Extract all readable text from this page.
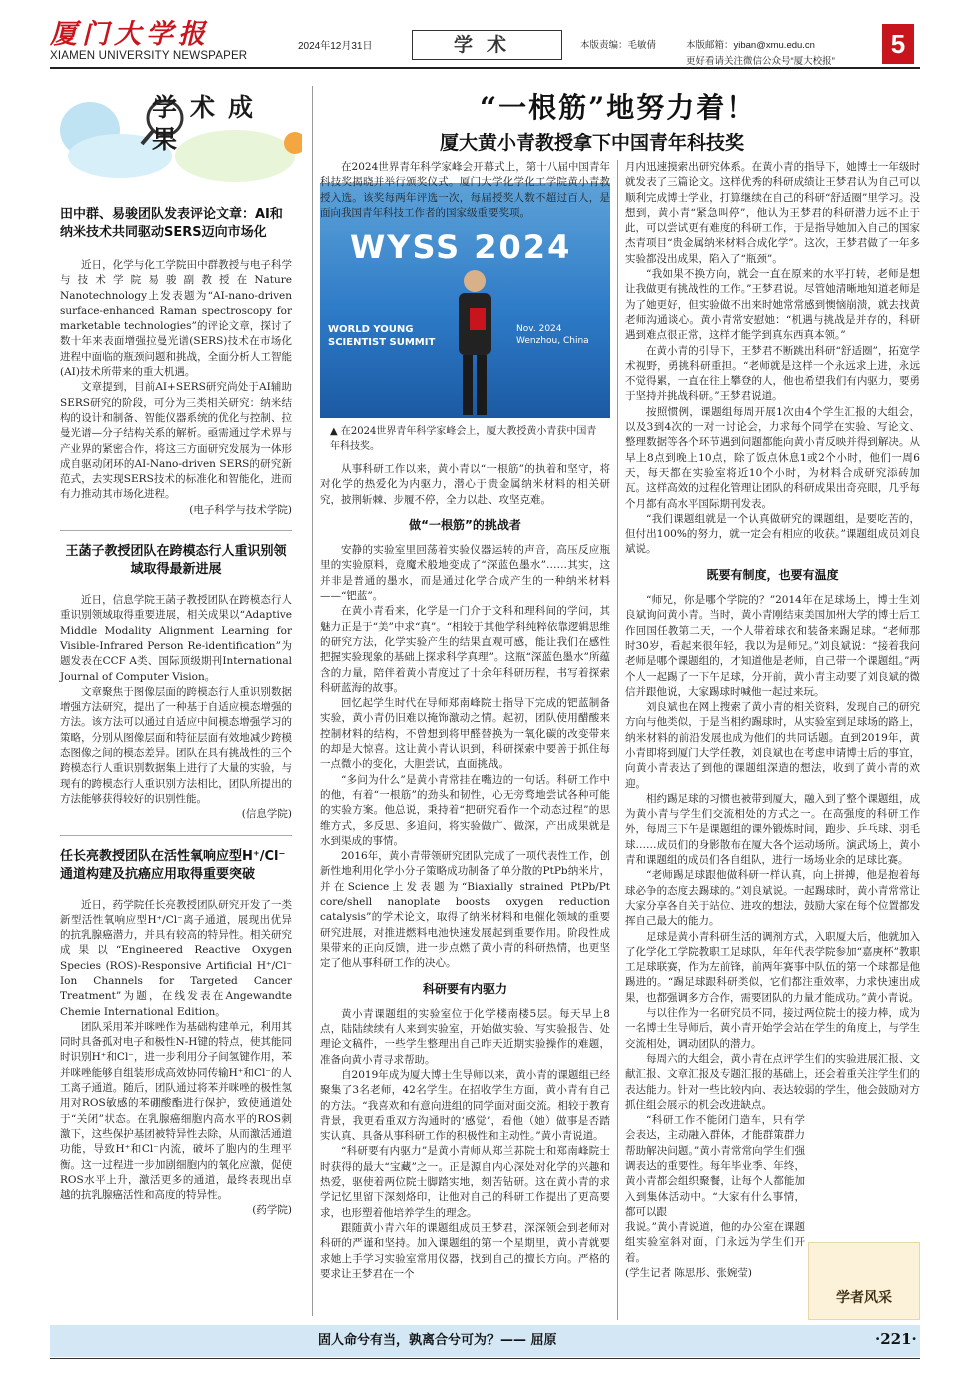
厦门大学报
XIAMEN UNIVERSITY NEWSPAPER
2024年12月31日	学术	本版责编：毛敏倩	本版邮箱：yiban@xmu.edu.cn
更好看请关注微信公众号“厦大校报”
5
学术成果
田中群、易骏团队发表评论文章：AI和纳米技术共同驱动SERS迈向市场化

近日，化学与化工学院田中群教授与电子科学与技术学院易骏副教授在Nature Nanotechnology上发表题为“AI-nano-driven surface-enhanced Raman spectroscopy for marketable technologies”的评论文章，探讨了数十年来表面增强拉曼光谱(SERS)技术在市场化进程中面临的瓶颈问题和挑战，全面分析人工智能(AI)技术所带来的重大机遇。

文章提到，目前AI+SERS研究尚处于AI辅助SERS研究的阶段，可分为三类相关研究：纳米结构的设计和制备、智能仪器系统的优化与控制、拉曼光谱—分子结构关系的解析。亟需通过学术界与产业界的紧密合作，将这三方面研究发展为一体形成自驱动闭环的AI-Nano-driven SERS的研究新范式，去实现SERS技术的标准化和智能化，进而有力推动其市场化进程。

(电子科学与技术学院)

王菡子教授团队在跨模态行人重识别领域取得最新进展

近日，信息学院王菡子教授团队在跨模态行人重识别领域取得重要进展，相关成果以“Adaptive Middle Modality Alignment Learning for Visible-Infrared Person Re-identification”为题发表在CCF A类、国际顶级期刊International Journal of Computer Vision。

文章聚焦于图像层面的跨模态行人重识别数据增强方法研究，提出了一种基于自适应模态增强的方法。该方法可以通过自适应中间模态增强学习的策略，分别从图像层面和特征层面有效地减少跨模态图像之间的模态差异。团队在具有挑战性的三个跨模态行人重识别数据集上进行了大量的实验，与现有的跨模态行人重识别方法相比，团队所提出的方法能够获得较好的识别性能。

(信息学院)

任长亮教授团队在活性氧响应型H⁺/Cl⁻通道构建及抗癌应用取得重要突破

近日，药学院任长亮教授团队研究开发了一类新型活性氧响应型H⁺/Cl⁻离子通道，展现出优异的抗乳腺癌潜力，并具有较高的特异性。相关研究成果以“Engineered Reactive Oxygen Species (ROS)-Responsive Artificial H⁺/Cl⁻ Ion Channels for Targeted Cancer Treatment”为题，在线发表在Angewandte Chemie International Edition。

团队采用苯并咪唑作为基础构建单元，利用其同时具备孤对电子和极性N-H键的特点，使其能同时识别H⁺和Cl⁻，进一步利用分子间氢键作用，苯并咪唑能够自组装形成高效协同传输H⁺和Cl⁻的人工离子通道。随后，团队通过将苯并咪唑的极性氢用对ROS敏感的苯硼酸酯进行保护，致使通道处于“关闭”状态。在乳腺癌细胞内高水平的ROS刺激下，这些保护基团被特异性去除，从而激活通道功能，导致H⁺和Cl⁻内流，破坏了胞内的生理平衡。这一过程进一步加剧细胞内的氧化应激，促使ROS水平上升，激活更多的通道，最终表现出卓越的抗乳腺癌活性和高度的特异性。

(药学院)

“一根筋”地努力着！
厦大黄小青教授拿下中国青年科技奖
WYSS 2024
WORLD YOUNG SCIENTIST SUMMIT
Nov. 2024 Wenzhou, China
▲ 在2024世界青年科学家峰会上，厦大教授黄小青获中国青年科技奖。

在2024世界青年科学家峰会开幕式上，第十八届中国青年科技奖揭晓并举行颁奖仪式。厦门大学化学化工学院黄小青教授入选。该奖每两年评选一次，每届授奖人数不超过百人，是面向我国青年科技工作者的国家级重要奖项。

从事科研工作以来，黄小青以“一根筋”的执着和坚守，将对化学的热爱化为内驱力，潜心于贵金属纳米材料的相关研究，披荆斩棘、步履不停，全力以赴、攻坚克难。

做“一根筋”的挑战者

安静的实验室里回荡着实验仪器运转的声音，高压反应瓶里的实验原料，竟魔术般地变成了“深蓝色墨水”……其实，这并非是普通的墨水，而是通过化学合成产生的一种纳米材料——“钯蓝”。

在黄小青看来，化学是一门介于文科和理科间的学问，其魅力正是于“美”中求“真”。“相较于其他学科纯粹依靠逻辑思维的研究方法，化学实验产生的结果直观可感，能让我们在感性把握实验现象的基础上探求科学真理”。这瓶“深蓝色墨水”所蕴含的力量，陪伴着黄小青度过了十余年科研历程，书写着探索科研蓝海的故事。

回忆起学生时代在导师郑南峰院士指导下完成的钯蓝制备实验，黄小青仍旧难以掩饰激动之情。起初，团队使用醋酸来控制材料的结构，不曾想到将甲醛替换为一氧化碳的改变带来的却是大惊喜。这让黄小青认识到，科研探索中要善于抓住每一点微小的变化，大胆尝试，直面挑战。

“多问为什么”是黄小青常挂在嘴边的一句话。科研工作中的他，有着“一根筋”的劲头和韧性，心无旁骛地尝试各种可能的实验方案。他总说，秉持着“把研究看作一个动态过程”的思维方式，多反思、多追问，将实验做广、做深，产出成果就是水到渠成的事情。

2016年，黄小青带领研究团队完成了一项代表性工作，创新性地利用化学小分子策略成功制备了单分散的PtPb纳米片，并在Science上发表题为“Biaxially strained PtPb/Pt core/shell nanoplate boosts oxygen reduction catalysis”的学术论文，取得了纳米材料和电催化领域的重要研究进展，对推进燃料电池快速发展起到重要作用。阶段性成果带来的正向反馈，进一步点燃了黄小青的科研热情，也更坚定了他从事科研工作的决心。

科研要有内驱力

黄小青课题组的实验室位于化学楼南楼5层。每天早上8点，陆陆续续有人来到实验室，开始做实验、写实验报告、处理论文稿件，一些学生整理出自己昨天近期实验操作的难题，准备向黄小青寻求帮助。

自2019年成为厦大博士生导师以来，黄小青的课题组已经聚集了3名老师，42名学生。在招收学生方面，黄小青有自己的方法。“我喜欢和有意向进组的同学面对面交流。相较于教育背景，我更看重双方沟通时的‘感觉’，看他（她）做事是否踏实认真、具备从事科研工作的积极性和主动性。”黄小青说道。

“科研要有内驱力”是黄小青师从郑兰荪院士和郑南峰院士时获得的最大“宝藏”之一。正是源自内心深处对化学的兴趣和热爱，驱使着两位院士脚踏实地，刻苦钻研。这在黄小青的求学记忆里留下深刻烙印，让他对自己的科研工作提出了更高要求，也形塑着他培养学生的理念。

跟随黄小青六年的课题组成员王梦君，深深领会到老师对科研的严谨和坚持。加入课题组的第一个星期里，黄小青就要求她上手学习实验室常用仪器，找到自己的擅长方向。严格的要求让王梦君在一个

月内迅速摸索出研究体系。在黄小青的指导下，她博士一年级时就发表了三篇论文。这样优秀的科研成绩让王梦君认为自己可以顺利完成博士学业，打算继续在自己的科研“舒适圈”里学习。没想到，黄小青“紧急叫停”，他认为王梦君的科研潜力远不止于此，可以尝试更有难度的科研工作，于是指导她加入自己的国家杰青项目“贵金属纳米材料合成化学”。这次，王梦君做了一年多实验都没出成果，陷入了“瓶颈”。

“我如果不换方向，就会一直在原来的水平打转，老师是想让我做更有挑战性的工作。”王梦君说。尽管她清晰地知道老师是为了她更好，但实验做不出来时她常常感到懊恼崩溃，就去找黄老师沟通谈心。黄小青常安慰她：“机遇与挑战是并存的，科研遇到难点很正常，这样才能学到真东西真本领。”

在黄小青的引导下，王梦君不断跳出科研“舒适圈”，拓宽学术视野，勇挑科研重担。“老师就是这样一个永远求上进，永远不觉得累，一直在往上攀登的人，他也希望我们有内驱力，要勇于坚持并挑战科研。”王梦君说道。

按照惯例，课题组每周开展1次由4个学生汇报的大组会，以及3到4次的一对一讨论会，力求每个同学在实验、写论文、整理数据等各个环节遇到问题都能向黄小青反映并得到解决。从早上8点到晚上10点，除了饭点休息1或2个小时，他们一周6天，每天都在实验室将近10个小时，为材料合成研究添砖加瓦。这样高效的过程化管理让团队的科研成果出奇亮眼，几乎每个月都有高水平国际期刊发表。

“我们课题组就是一个认真做研究的课题组，是要吃苦的，但付出100%的努力，就一定会有相应的收获。”课题组成员刘良斌说。

既要有制度，也要有温度

“师兄，你是哪个学院的？”2014年在足球场上，博士生刘良斌询问黄小青。当时，黄小青刚结束美国加州大学的博士后工作回国任教第二天，一个人带着球衣和装备来踢足球。“老师那时30岁，看起来很年轻，我以为是师兄。”刘良斌说：“接着我问老师是哪个课题组的，才知道他是老师，自己带一个课题组。”两个人一起踢了一下午足球，分开前，黄小青主动要了刘良斌的微信并跟他说，大家踢球时喊他一起过来玩。

刘良斌也在网上搜索了黄小青的相关资料，发现自己的研究方向与他类似，于是当相约踢球时，从实验室到足球场的路上，纳米材料的前沿发展也成为他们的共同话题。直到2019年，黄小青即将到厦门大学任教，刘良斌也在考虑申请博士后的事宜，向黄小青表达了到他的课题组深造的想法，收到了黄小青的欢迎。

相约踢足球的习惯也被带到厦大，融入到了整个课题组，成为黄小青与学生们交流相处的方式之一。在高强度的科研工作外，每周三下午是课题组的课外锻炼时间，跑步、乒乓球、羽毛球……成员们的身影散布在厦大各个运动场所。演武场上，黄小青和课题组的成员们各自组队，进行一场场业余的足球比赛。

“老师踢足球跟他做科研一样认真，向上拼搏，他是抱着每球必争的态度去踢球的。”刘良斌说。一起踢球时，黄小青常常让大家分享各自关于站位、进攻的想法，鼓励大家在每个位置都发挥自己最大的能力。

足球是黄小青科研生活的调剂方式，入职厦大后，他就加入了化学化工学院教职工足球队，年年代表学院参加“嘉庚杯”教职工足球联赛，作为左前锋，前两年赛事中队伍的第一个球都是他踢进的。“踢足球跟科研类似，它们都注重效率，力求快速出成果，也都强调多方合作，需要团队的力量才能成功。”黄小青说。

与以往作为一名研究员不同，接过两位院士的接力棒，成为一名博士生导师后，黄小青开始学会站在学生的角度上，与学生交流相处，调动团队的潜力。

每周六的大组会，黄小青在点评学生们的实验进展汇报、文献汇报、文章汇报及专题汇报的基础上，还会着重关注学生们的表达能力。针对一些比较内向、表达较弱的学生，他会鼓励对方抓住组会展示的机会改进缺点。

“科研工作不能闭门造车，只有学会表达，主动融入群体，才能群策群力帮助解决问题。”黄小青常常向学生们强调表达的重要性。每年毕业季、年终，黄小青都会组织聚餐，让每个人都能加入到集体活动中。“大家有什么事情，都可以跟

我说。”黄小青说道，他的办公室在课题组实验室斜对面，门永远为学生们开着。

(学生记者 陈思彤、张婉莹)

学者风采
固人命兮有当，孰离合兮可为？—— 屈原	·221·
